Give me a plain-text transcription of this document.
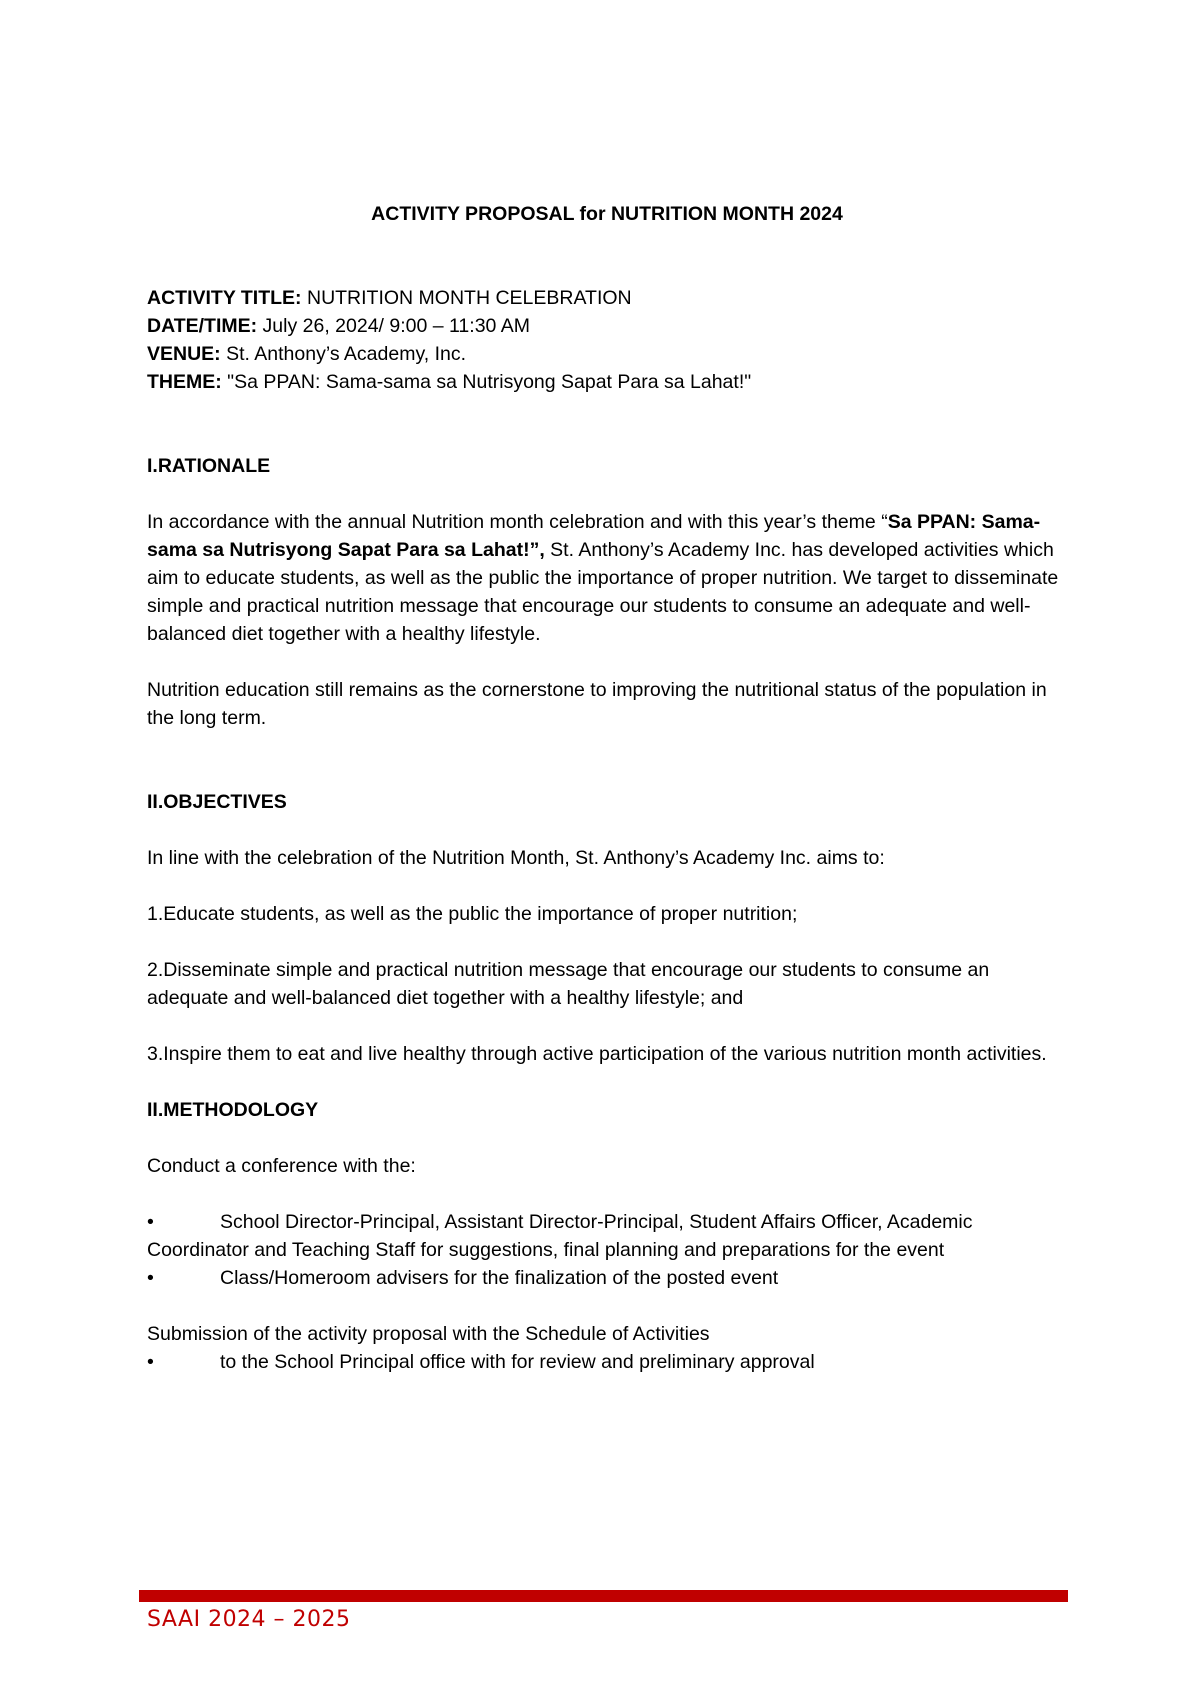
ACTIVITY PROPOSAL for NUTRITION MONTH 2024

ACTIVITY TITLE: NUTRITION MONTH CELEBRATION

DATE/TIME: July 26, 2024/ 9:00 – 11:30 AM

VENUE: St. Anthony’s Academy, Inc.

THEME: "Sa PPAN: Sama-sama sa Nutrisyong Sapat Para sa Lahat!"

I.RATIONALE

In accordance with the annual Nutrition month celebration and with this year’s theme “Sa PPAN: Sama-sama sa Nutrisyong Sapat Para sa Lahat!”, St. Anthony’s Academy Inc. has developed activities which aim to educate students, as well as the public the importance of proper nutrition. We target to disseminate simple and practical nutrition message that encourage our students to consume an adequate and well-balanced diet together with a healthy lifestyle.

Nutrition education still remains as the cornerstone to improving the nutritional status of the population in the long term.

II.OBJECTIVES

In line with the celebration of the Nutrition Month, St. Anthony’s Academy Inc. aims to:

1.Educate students, as well as the public the importance of proper nutrition;

2.Disseminate simple and practical nutrition message that encourage our students to consume an adequate and well-balanced diet together with a healthy lifestyle; and

3.Inspire them to eat and live healthy through active participation of the various nutrition month activities.

II.METHODOLOGY

Conduct a conference with the:

•	School Director-Principal, Assistant Director-Principal, Student Affairs Officer, Academic Coordinator and Teaching Staff for suggestions, final planning and preparations for the event

•	Class/Homeroom advisers for the finalization of the posted event

Submission of the activity proposal with the Schedule of Activities

•	to the School Principal office with for review and preliminary approval

SAAI 2024 – 2025
